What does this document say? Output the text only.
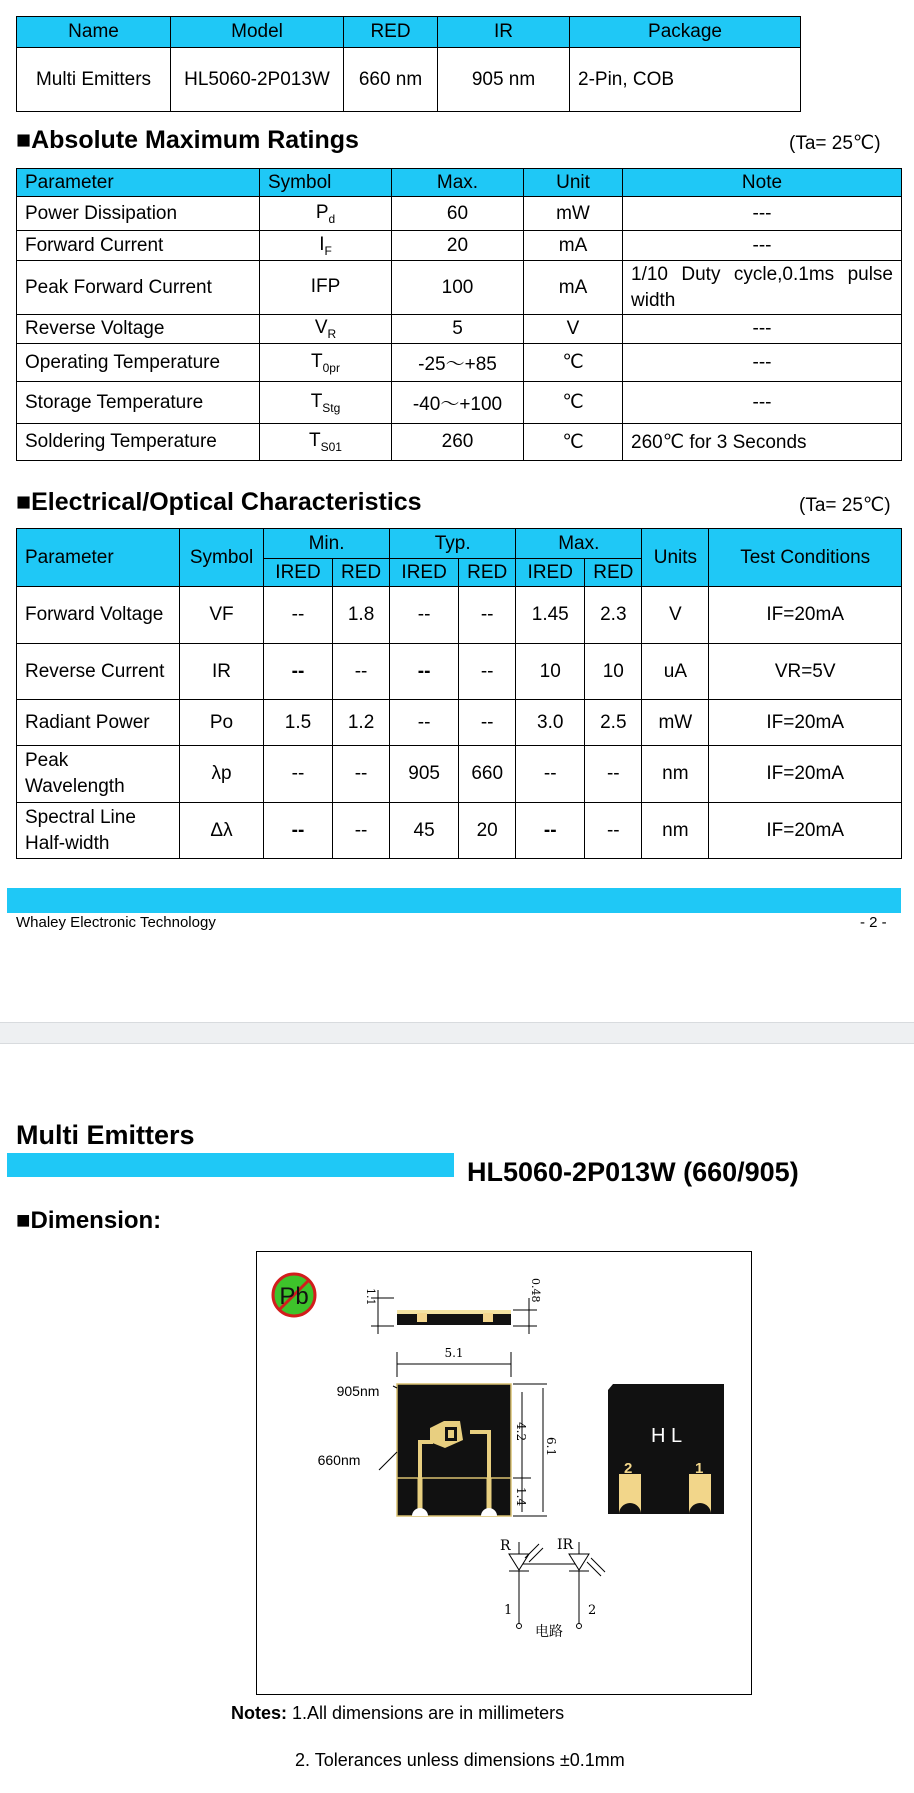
Name	Model	RED	IR	Package
Multi Emitters	HL5060-2P013W	660 nm	905 nm	2-Pin, COB
■Absolute Maximum Ratings	(Ta= 25℃)
Parameter	Symbol	Max.	Unit	Note
Power Dissipation	$P_d$	60	mW	---
Forward Current	$I_F$	20	mA	---
Peak Forward Current	IFP	100	mA	1/10 Duty cycle,0.1ms pulse width
Reverse Voltage	$V_R$	5	V	---
Operating Temperature	$T_{0pr}$	-25～+85	℃	---
Storage Temperature	$T_{Stg}$	-40～+100	℃	---
Soldering Temperature	$T_{S01}$	260	℃	260℃ for 3 Seconds
■Electrical/Optical Characteristics	(Ta= 25℃)
Parameter	Symbol	Min.		Typ.		Max.		Units	Test Conditions
		IRED	RED	IRED	RED	IRED	RED		
Forward Voltage	VF	--	1.8	--	--	1.45	2.3	V	IF=20mA
Reverse Current	IR	--	--	--	--	10	10	uA	VR=5V
Radiant Power	Po	1.5	1.2	--	--	3.0	2.5	mW	IF=20mA
Peak Wavelength	λp	--	--	905	660	--	--	nm	IF=20mA
Spectral Line Half-width	Δλ	--	--	45	20	--	--	nm	IF=20mA
Whaley Electronic Technology	- 2 -
Multi Emitters
HL5060-2P013W (660/905)
■Dimension:
Pb	1.1	0.48
5.1
905nm
660nm
4.2
6.1
1.4
H L
2	1
R	IR
1	2
电路
Notes: 1.All dimensions are in millimeters
2. Tolerances unless dimensions ±0.1mm
